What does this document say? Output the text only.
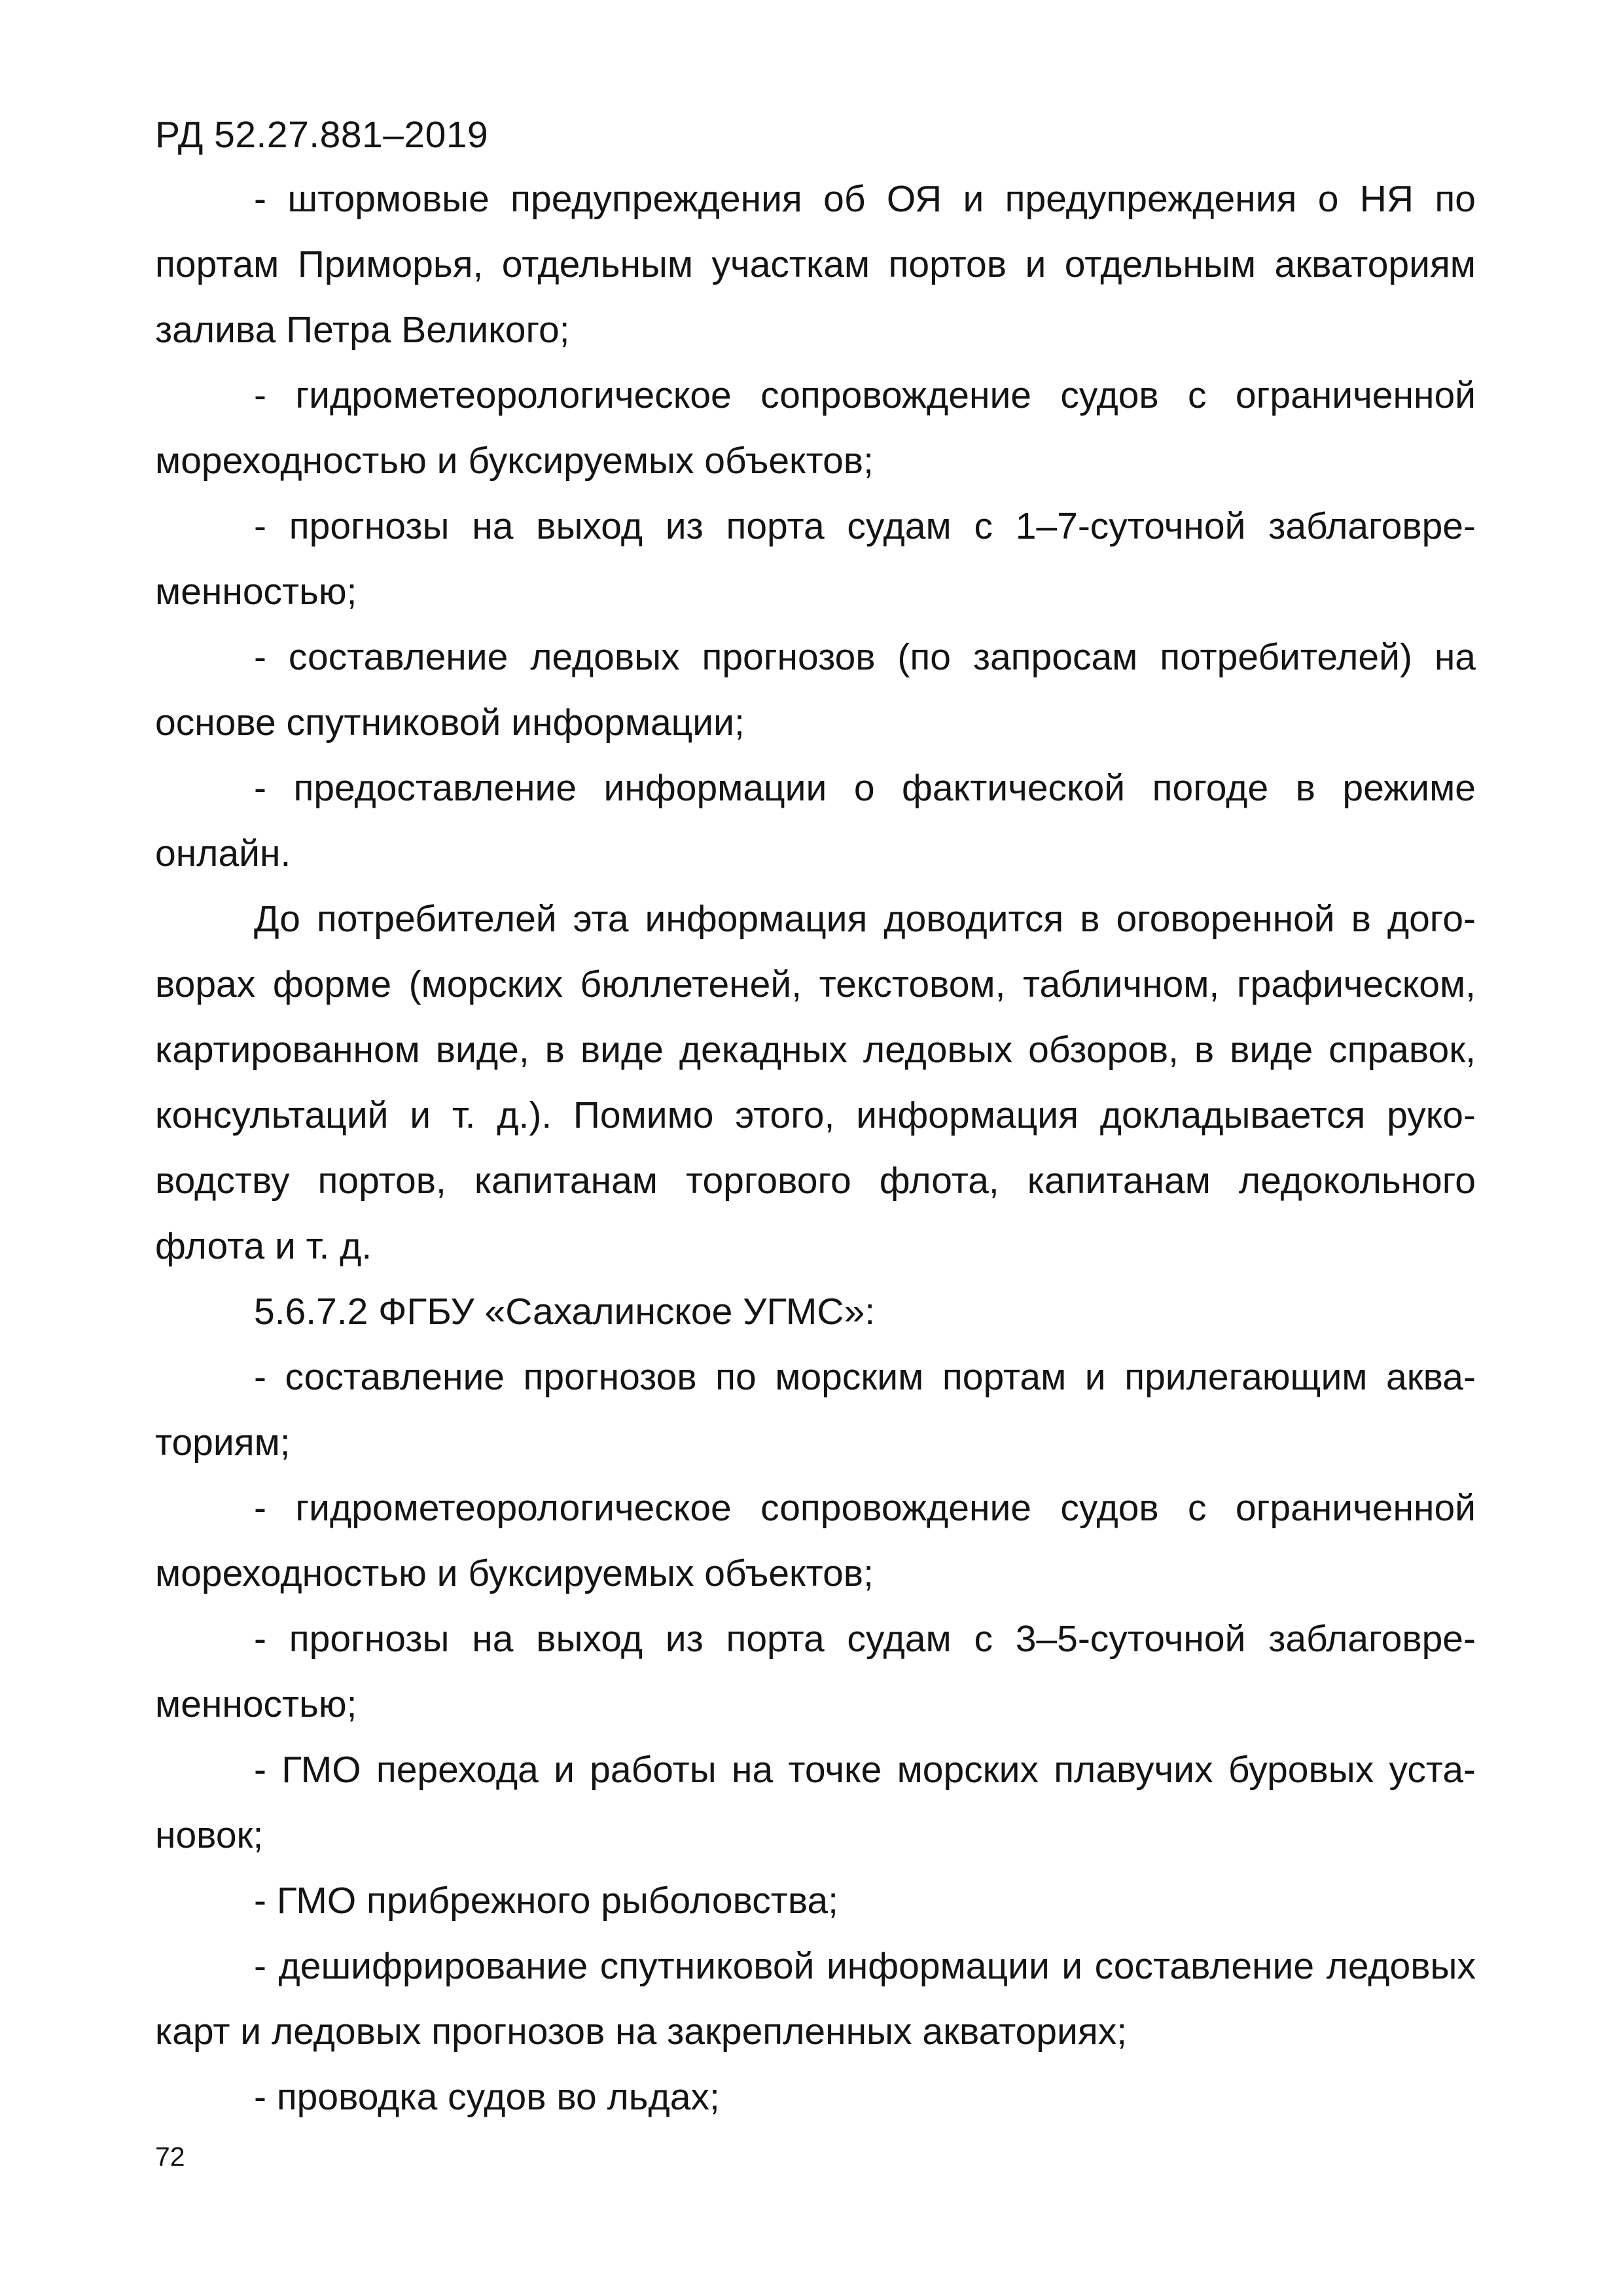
РД 52.27.881–2019

- штормовые предупреждения об ОЯ и предупреждения о НЯ по портам Приморья, отдельным участкам портов и отдельным акваториям залива Петра Великого;

- гидрометеорологическое сопровождение судов с ограниченной мореходностью и буксируемых объектов;

- прогнозы на выход из порта судам с 1–7-суточной заблаговременностью;

- составление ледовых прогнозов (по запросам потребителей) на основе спутниковой информации;

- предоставление информации о фактической погоде в режиме онлайн.

До потребителей эта информация доводится в оговоренной в договорах форме (морских бюллетеней, текстовом, табличном, графическом, картированном виде, в виде декадных ледовых обзоров, в виде справок, консультаций и т. д.). Помимо этого, информация докладывается руководству портов, капитанам торгового флота, капитанам ледокольного флота и т. д.

5.6.7.2 ФГБУ «Сахалинское УГМС»:

- составление прогнозов по морским портам и прилегающим акваториям;

- гидрометеорологическое сопровождение судов с ограниченной мореходностью и буксируемых объектов;

- прогнозы на выход из порта судам с 3–5-суточной заблаговременностью;

- ГМО перехода и работы на точке морских плавучих буровых установок;

- ГМО прибрежного рыболовства;

- дешифрирование спутниковой информации и составление ледовых карт и ледовых прогнозов на закрепленных акваториях;

- проводка судов во льдах;

72
